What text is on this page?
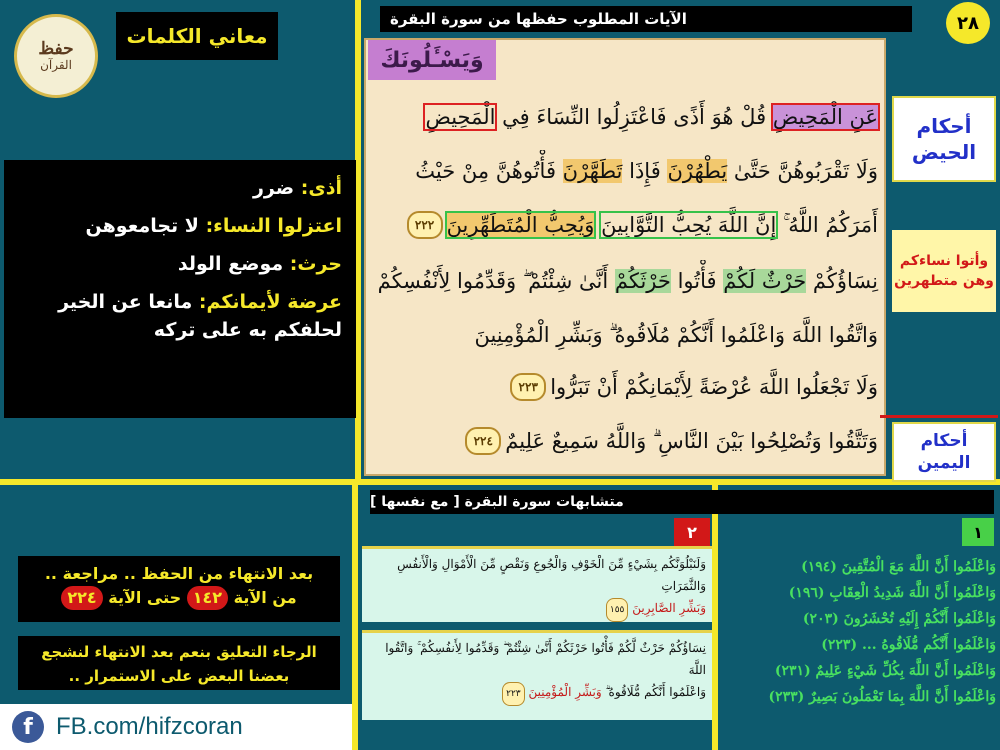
حفظ
القرآن
معاني الكلمات
أذى: ضرر
اعتزلوا النساء: لا تجامعوهن
حرث: موضع الولد
عرضة لأيمانكم: مانعا عن الخير لحلفكم به على تركه
الآيات المطلوب حفظها من سورة البقرة	٢٨
وَيَسْـَٔلُونَكَ
عَنِ الْمَحِيضِ

قُلْ هُوَ أَذًى فَاعْتَزِلُوا النِّسَاءَ فِي

الْمَحِيضِ
وَلَا تَقْرَبُوهُنَّ حَتَّىٰ

يَطْهُرْنَ

فَإِذَا

تَطَهَّرْنَ

فَأْتُوهُنَّ مِنْ حَيْثُ
أَمَرَكُمُ اللَّهُ ۚ

إِنَّ اللَّهَ يُحِبُّ التَّوَّابِينَ

وَيُحِبُّ الْمُتَطَهِّرِينَ
٢٢٢
نِسَاؤُكُمْ

حَرْثٌ لَكُمْ

فَأْتُوا

حَرْثَكُمْ

أَنَّىٰ شِئْتُمْ ۖ وَقَدِّمُوا لِأَنْفُسِكُمْ
وَاتَّقُوا اللَّهَ وَاعْلَمُوا أَنَّكُمْ مُلَاقُوهُ ۗ وَبَشِّرِ الْمُؤْمِنِينَ
وَلَا تَجْعَلُوا اللَّهَ عُرْضَةً لِأَيْمَانِكُمْ أَنْ تَبَرُّوا
٢٢٣
وَتَتَّقُوا وَتُصْلِحُوا بَيْنَ النَّاسِ ۗ وَاللَّهُ سَمِيعٌ عَلِيمٌ
٢٢٤
أحكام
الحيض
وأتوا نساءكم
وهن متطهرين
أحكام
اليمين
بعد الانتهاء من الحفظ .. مراجعة ..
من الآية ١٤٢ حتى الآية ٢٢٤
الرجاء التعليق بنعم بعد الانتهاء لنشجع
بعضنا البعض على الاستمرار ..
f FB.com/hifzcoran
متشابهات سورة البقرة [ مع نفسها ]
٢	١
وَلَنَبْلُوَنَّكُم بِشَيْءٍ مِّنَ الْخَوْفِ وَالْجُوعِ وَنَقْصٍ مِّنَ الْأَمْوَالِ وَالْأَنفُسِ وَالثَّمَرَاتِ
وَبَشِّرِ الصَّابِرِينَ ١٥٥
نِسَاؤُكُمْ حَرْثٌ لَّكُمْ فَأْتُوا حَرْثَكُمْ أَنَّىٰ شِئْتُمْ ۖ وَقَدِّمُوا لِأَنفُسِكُمْ ۚ وَاتَّقُوا اللَّهَ
وَاعْلَمُوا أَنَّكُم مُّلَاقُوهُ ۗ وَبَشِّرِ الْمُؤْمِنِينَ ٢٢٣
وَاعْلَمُوا أَنَّ اللَّهَ مَعَ الْمُتَّقِينَ (١٩٤)
وَاعْلَمُوا أَنَّ اللَّهَ شَدِيدُ الْعِقَابِ (١٩٦)
وَاعْلَمُوا أَنَّكُمْ إِلَيْهِ تُحْشَرُونَ (٢٠٣)
وَاعْلَمُوا أَنَّكُم مُّلَاقُوهُ ... (٢٢٣)
وَاعْلَمُوا أَنَّ اللَّهَ بِكُلِّ شَيْءٍ عَلِيمٌ (٢٣١)
وَاعْلَمُوا أَنَّ اللَّهَ بِمَا تَعْمَلُونَ بَصِيرٌ (٢٣٣)
